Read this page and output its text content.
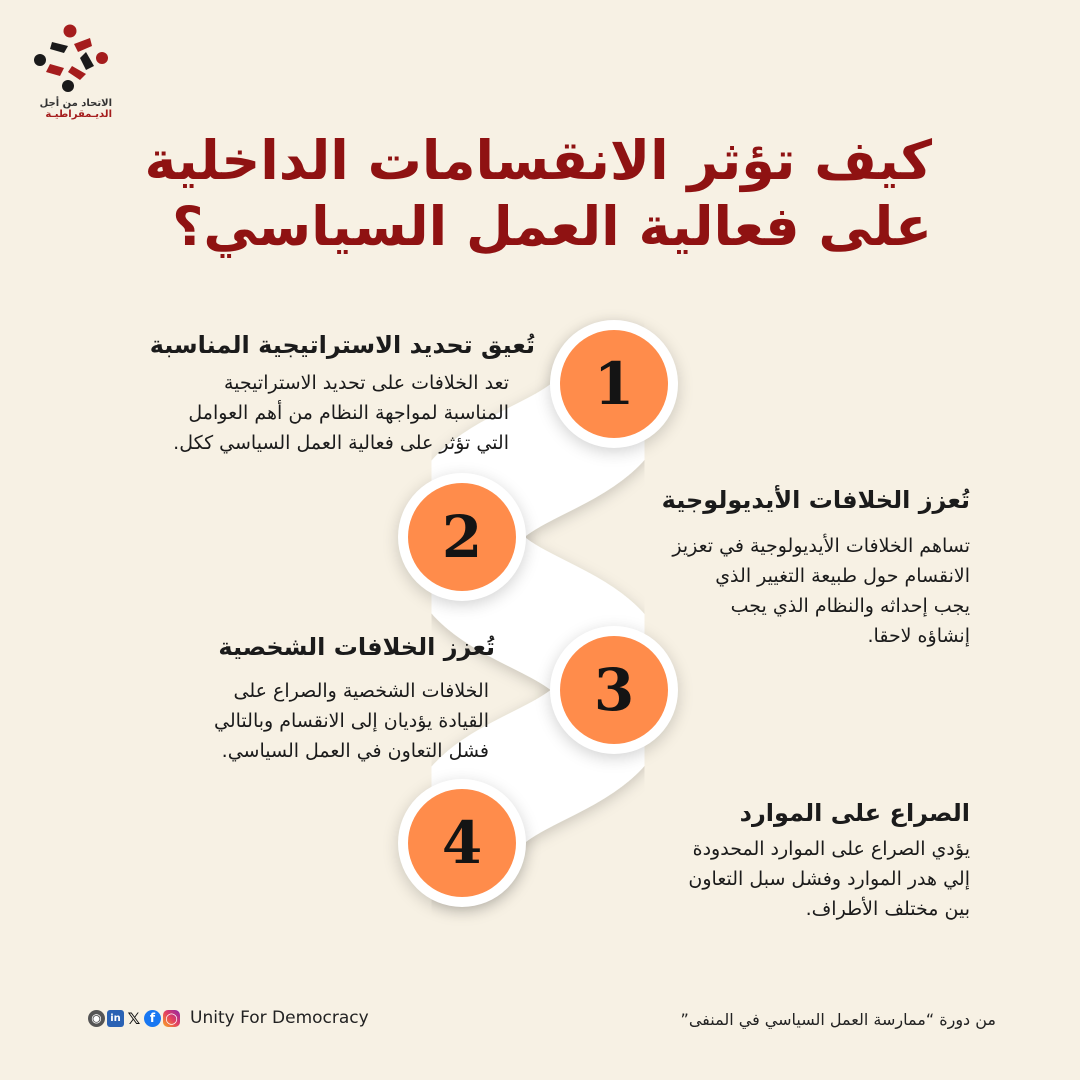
الاتحاد من أجل
الديـمقراطيـة
كيف تؤثر الانقسامات الداخلية
على فعالية العمل السياسي؟
1
2
3
4
تُعيق تحديد الاستراتيجية المناسبة

تعد الخلافات على تحديد الاستراتيجية
المناسبة لمواجهة النظام من أهم العوامل
التي تؤثر على فعالية العمل السياسي ككل.

تُعزز الخلافات الأيديولوجية

تساهم الخلافات الأيديولوجية في تعزيز
الانقسام حول طبيعة التغيير الذي
يجب إحداثه والنظام الذي يجب
إنشاؤه لاحقا.

تُعزز الخلافات الشخصية

الخلافات الشخصية والصراع على
القيادة يؤديان إلى الانقسام وبالتالي
فشل التعاون في العمل السياسي.

الصراع على الموارد

يؤدي الصراع على الموارد المحدودة
إلي هدر الموارد وفشل سبل التعاون
بين مختلف الأطراف.

◉ in 𝕏 f ◯ Unity For Democracy	من دورة “ممارسة العمل السياسي في المنفى”
